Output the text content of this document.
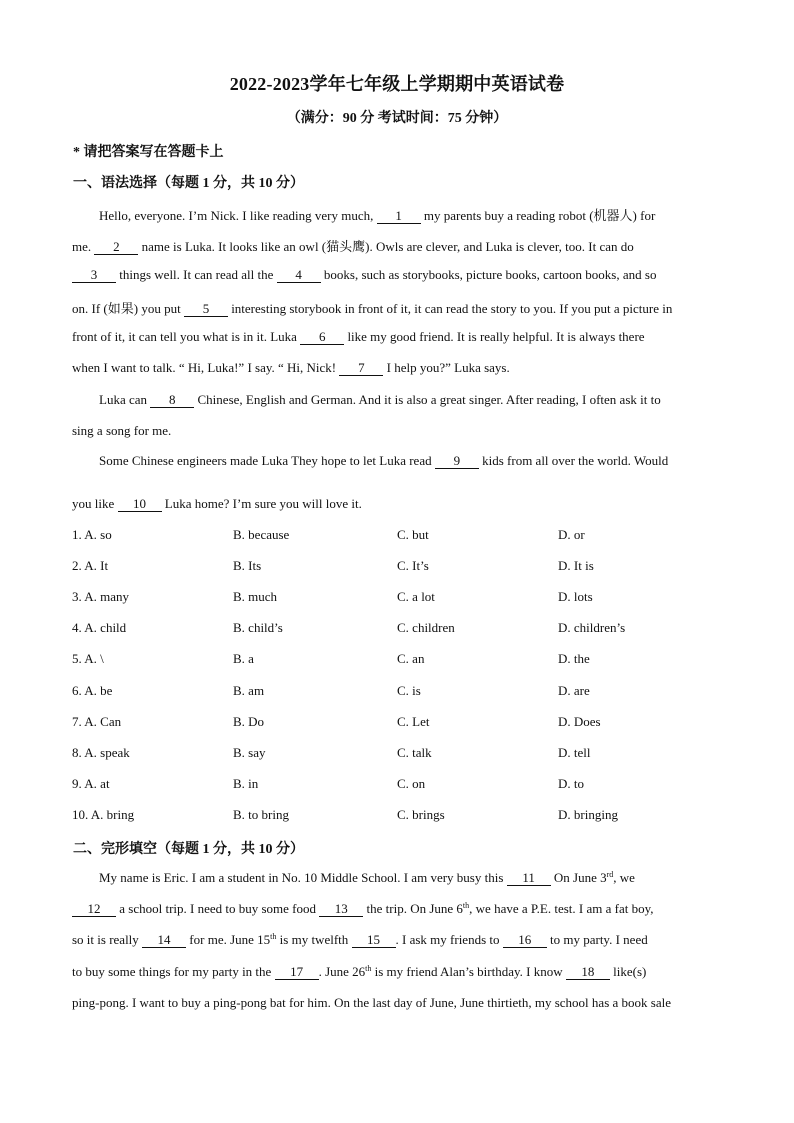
2022-2023学年七年级上学期期中英语试卷
（满分：90 分 考试时间：75 分钟）
* 请把答案写在答题卡上
一、语法选择（每题 1 分，共 10 分）
Hello, everyone. I’m Nick. I like reading very much, 1 my parents buy a reading robot (机器人) for
me. 2 name is Luka. It looks like an owl (猫头鹰). Owls are clever, and Luka is clever, too. It can do
3 things well. It can read all the 4 books, such as storybooks, picture books, cartoon books, and so
on. If (如果) you put 5 interesting storybook in front of it, it can read the story to you. If you put a picture in
front of it, it can tell you what is in it. Luka 6 like my good friend. It is really helpful. It is always there
when I want to talk. “ Hi, Luka!” I say. “ Hi, Nick! 7 I help you?” Luka says.
Luka can 8 Chinese, English and German. And it is also a great singer. After reading, I often ask it to
sing a song for me.
Some Chinese engineers made Luka They hope to let Luka read 9 kids from all over the world. Would
you like 10 Luka home? I’m sure you will love it.
1. A. so	B. because	C. but	D. or
2. A. It	B. Its	C. It’s	D. It is
3. A. many	B. much	C. a lot	D. lots
4. A. child	B. child’s	C. children	D. children’s
5. A. \	B. a	C. an	D. the
6. A. be	B. am	C. is	D. are
7. A. Can	B. Do	C. Let	D. Does
8. A. speak	B. say	C. talk	D. tell
9. A. at	B. in	C. on	D. to
10. A. bring	B. to bring	C. brings	D. bringing
二、完形填空（每题 1 分，共 10 分）
My name is Eric. I am a student in No. 10 Middle School. I am very busy this 11 On June 3rd, we
12 a school trip. I need to buy some food 13 the trip. On June 6th, we have a P.E. test. I am a fat boy,
so it is really 14 for me. June 15th is my twelfth 15 . I ask my friends to 16 to my party. I need
to buy some things for my party in the 17 . June 26th is my friend Alan’s birthday. I know 18 like(s)
ping-pong. I want to buy a ping-pong bat for him. On the last day of June, June thirtieth, my school has a book sale
